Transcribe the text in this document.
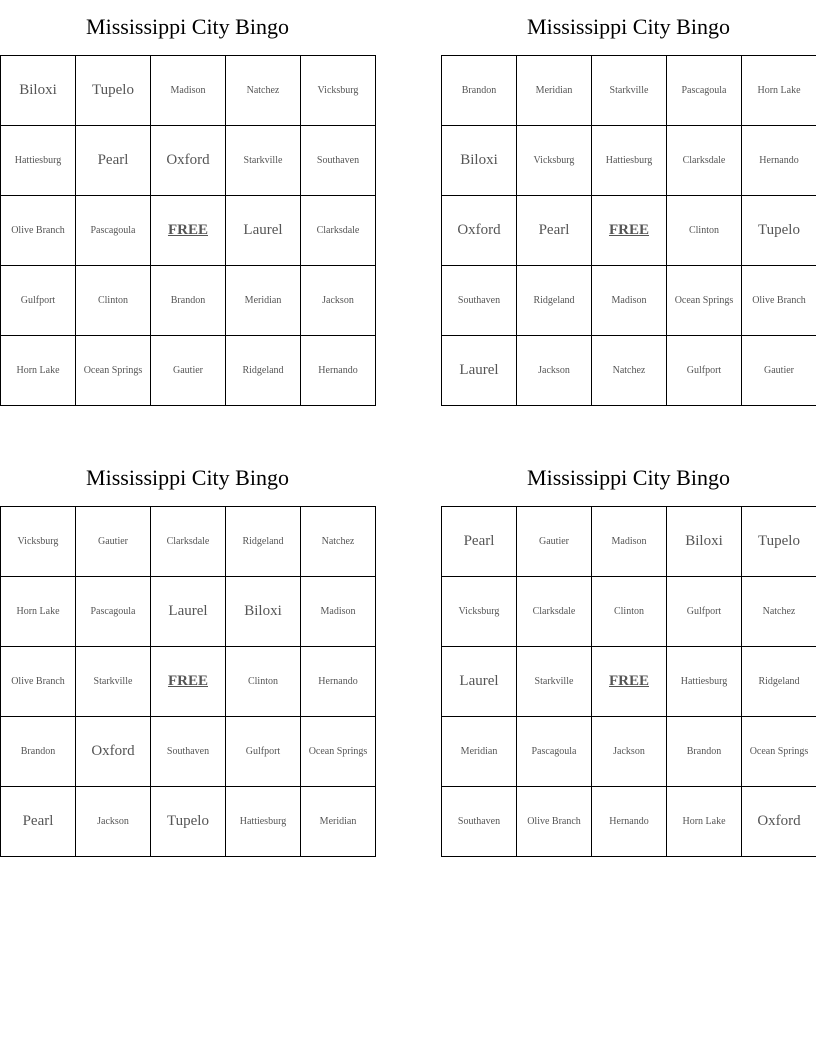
Mississippi City Bingo
Biloxi	Tupelo	Madison	Natchez	Vicksburg
Hattiesburg	Pearl	Oxford	Starkville	Southaven
Olive Branch	Pascagoula	FREE	Laurel	Clarksdale
Gulfport	Clinton	Brandon	Meridian	Jackson
Horn Lake	Ocean Springs	Gautier	Ridgeland	Hernando
Mississippi City Bingo
Brandon	Meridian	Starkville	Pascagoula	Horn Lake
Biloxi	Vicksburg	Hattiesburg	Clarksdale	Hernando
Oxford	Pearl	FREE	Clinton	Tupelo
Southaven	Ridgeland	Madison	Ocean Springs	Olive Branch
Laurel	Jackson	Natchez	Gulfport	Gautier
Mississippi City Bingo
Vicksburg	Gautier	Clarksdale	Ridgeland	Natchez
Horn Lake	Pascagoula	Laurel	Biloxi	Madison
Olive Branch	Starkville	FREE	Clinton	Hernando
Brandon	Oxford	Southaven	Gulfport	Ocean Springs
Pearl	Jackson	Tupelo	Hattiesburg	Meridian
Mississippi City Bingo
Pearl	Gautier	Madison	Biloxi	Tupelo
Vicksburg	Clarksdale	Clinton	Gulfport	Natchez
Laurel	Starkville	FREE	Hattiesburg	Ridgeland
Meridian	Pascagoula	Jackson	Brandon	Ocean Springs
Southaven	Olive Branch	Hernando	Horn Lake	Oxford
